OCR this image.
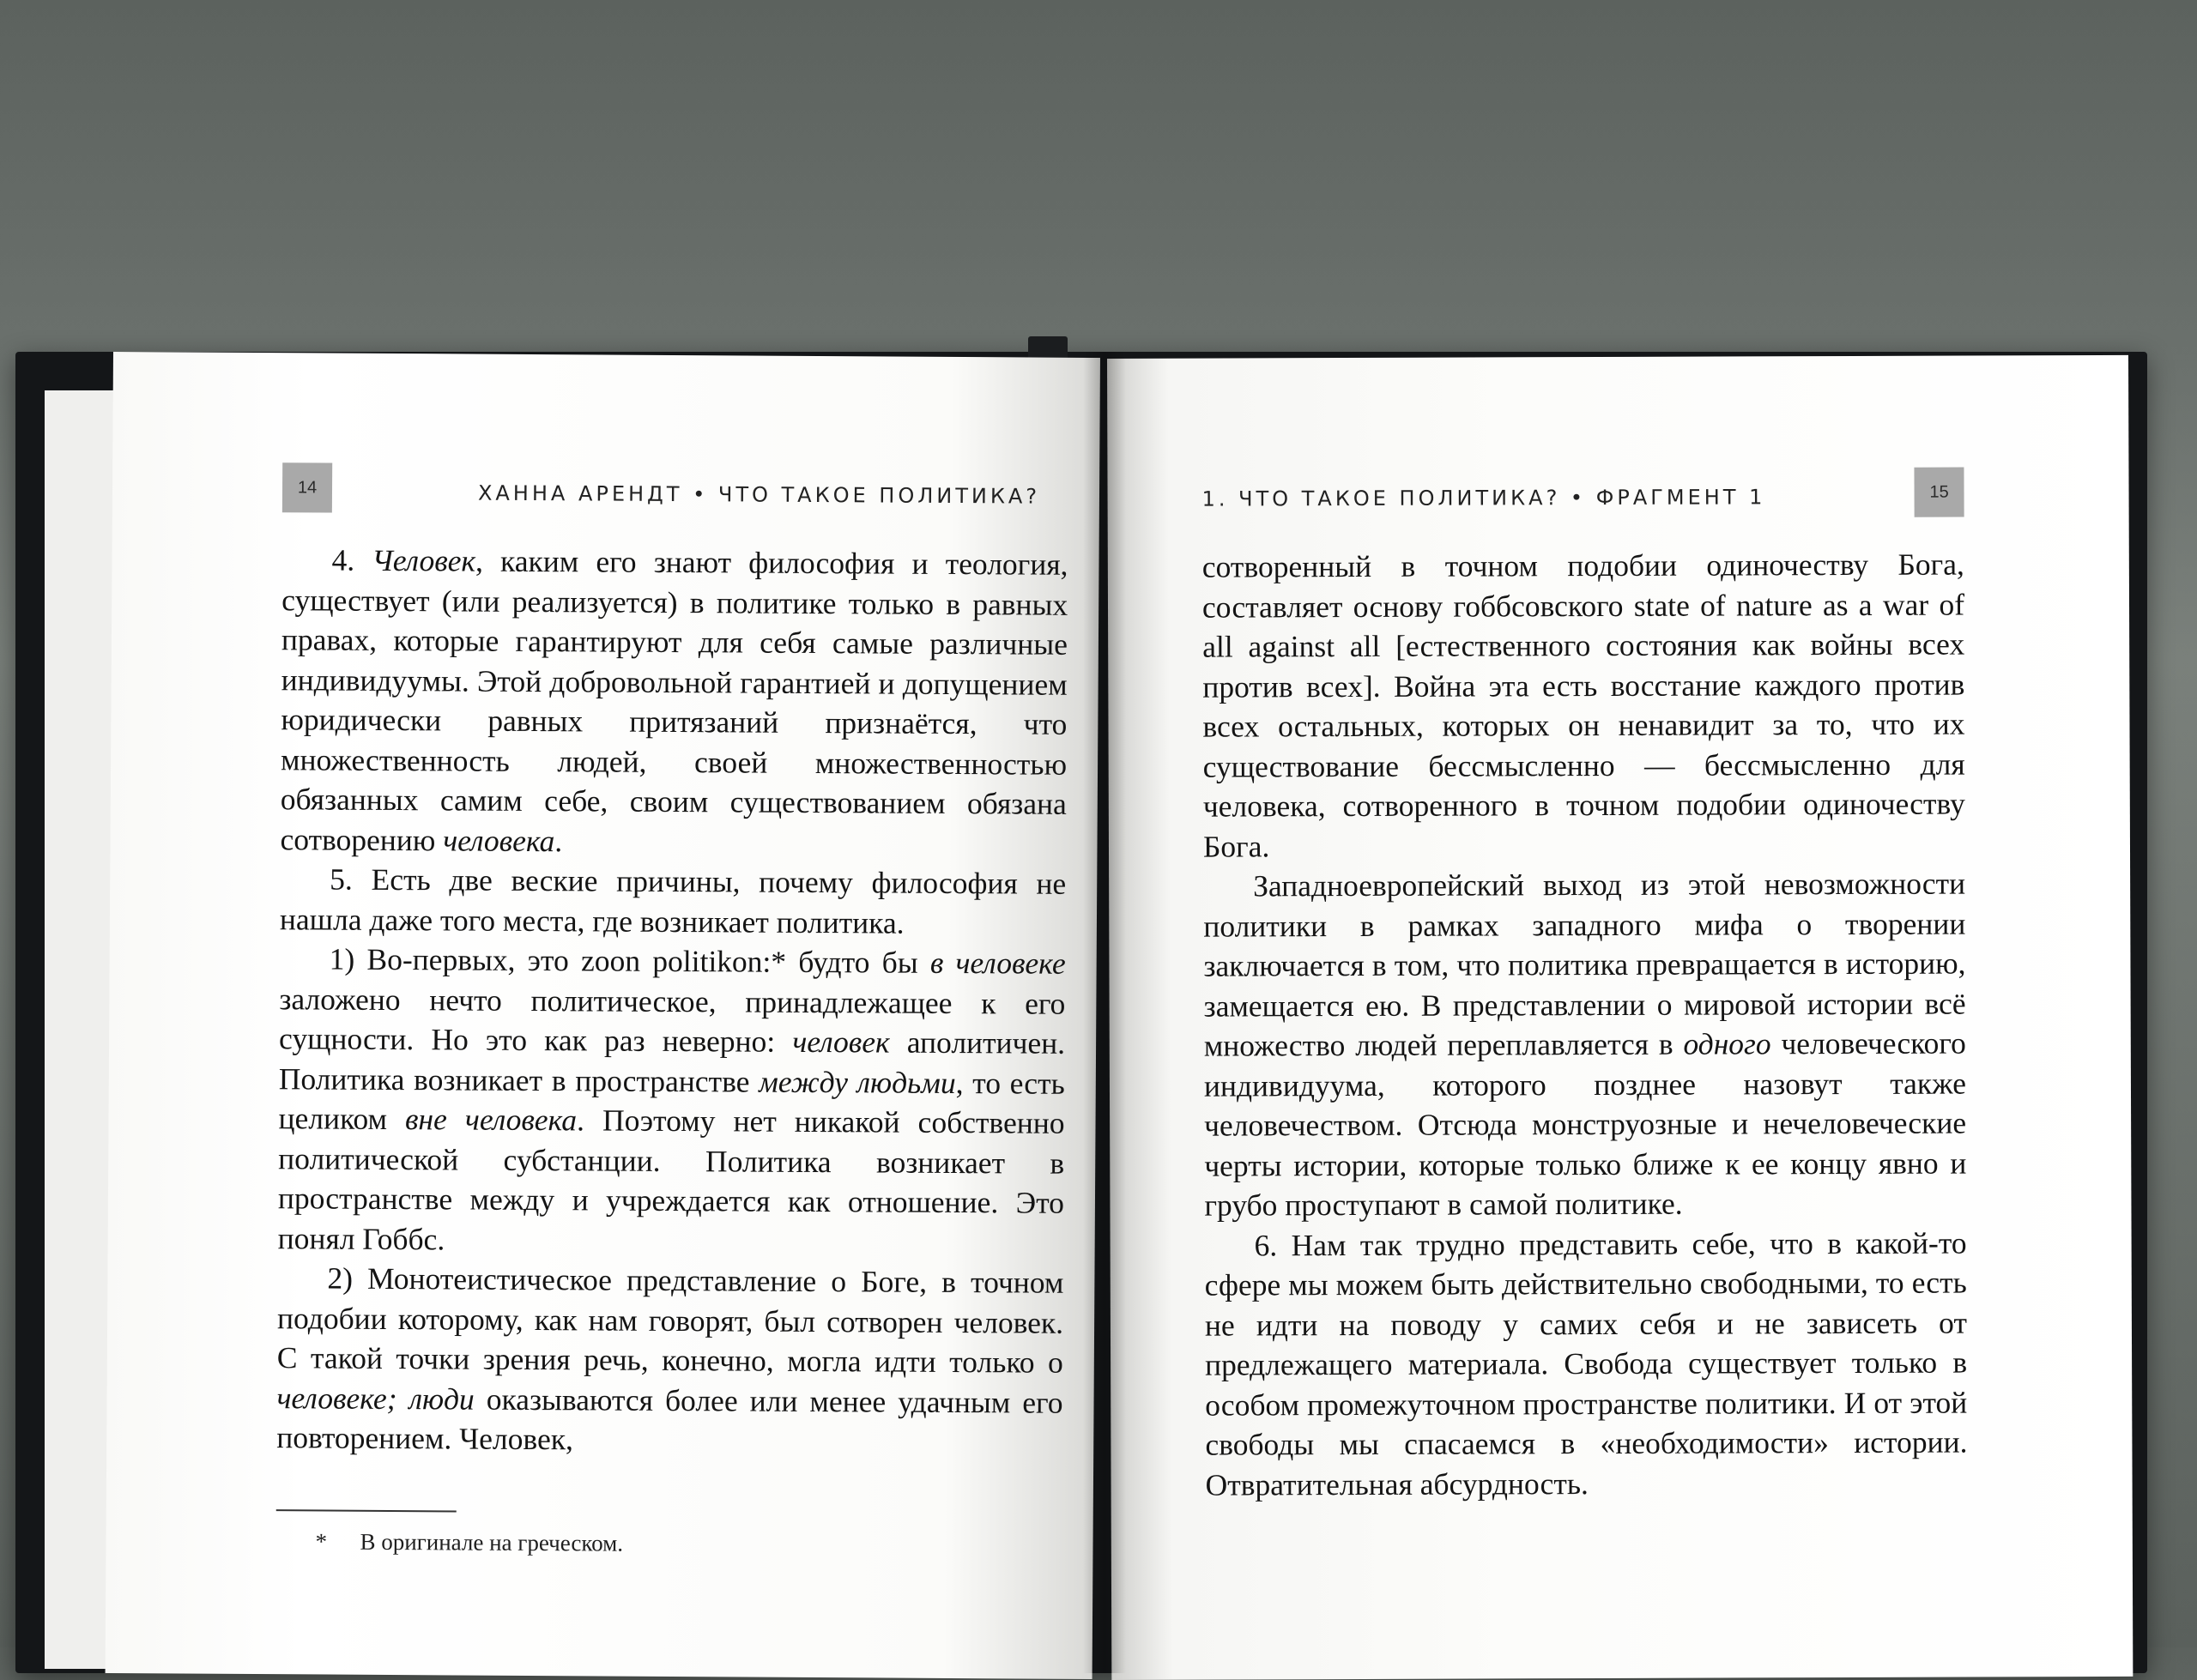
14	ХАННА АРЕНДТ • ЧТО ТАКОЕ ПОЛИТИКА?

4. Человек, каким его знают философия и теология, существует (или реализуется) в политике только в равных правах, которые гарантируют для себя самые различные индивидуумы. Этой добровольной гарантией и допущением юридически равных притязаний признаётся, что множественность людей, своей множественностью обязанных самим себе, своим существованием обязана сотворению человека.

5. Есть две веские причины, почему философия не нашла даже того места, где возникает политика.

1) Во-первых, это zoon politikon:* будто бы в человеке заложено нечто политическое, принадлежащее к его сущности. Но это как раз неверно: человек аполитичен. Политика возникает в пространстве между людьми, то есть целиком вне человека. Поэтому нет никакой собственно политической субстанции. Политика возникает в пространстве между и учреждается как отношение. Это понял Гоббс.

2) Монотеистическое представление о Боге, в точном подобии которому, как нам говорят, был сотворен человек. С такой точки зрения речь, конечно, могла идти только о человеке; люди оказываются более или менее удачным его повторением. Человек,

* В оригинале на греческом.
1. ЧТО ТАКОЕ ПОЛИТИКА? • ФРАГМЕНТ 1	15

сотворенный в точном подобии одиночеству Бога, составляет основу гоббсовского state of nature as a war of all against all [естественного состояния как войны всех против всех]. Война эта есть восстание каждого против всех остальных, которых он ненавидит за то, что их существование бессмысленно — бессмысленно для человека, сотворенного в точном подобии одиночеству Бога.

Западноевропейский выход из этой невозможности политики в рамках западного мифа о творении заключается в том, что политика превращается в историю, замещается ею. В представлении о мировой истории всё множество людей переплавляется в одного человеческого индивидуума, которого позднее назовут также человечеством. Отсюда монструозные и нечеловеческие черты истории, которые только ближе к ее концу явно и грубо проступают в самой политике.

6. Нам так трудно представить себе, что в какой-то сфере мы можем быть действительно свободными, то есть не идти на поводу у самих себя и не зависеть от предлежащего материала. Свобода существует только в особом промежуточном пространстве политики. И от этой свободы мы спасаемся в «необходимости» истории. Отвратительная абсурдность.
